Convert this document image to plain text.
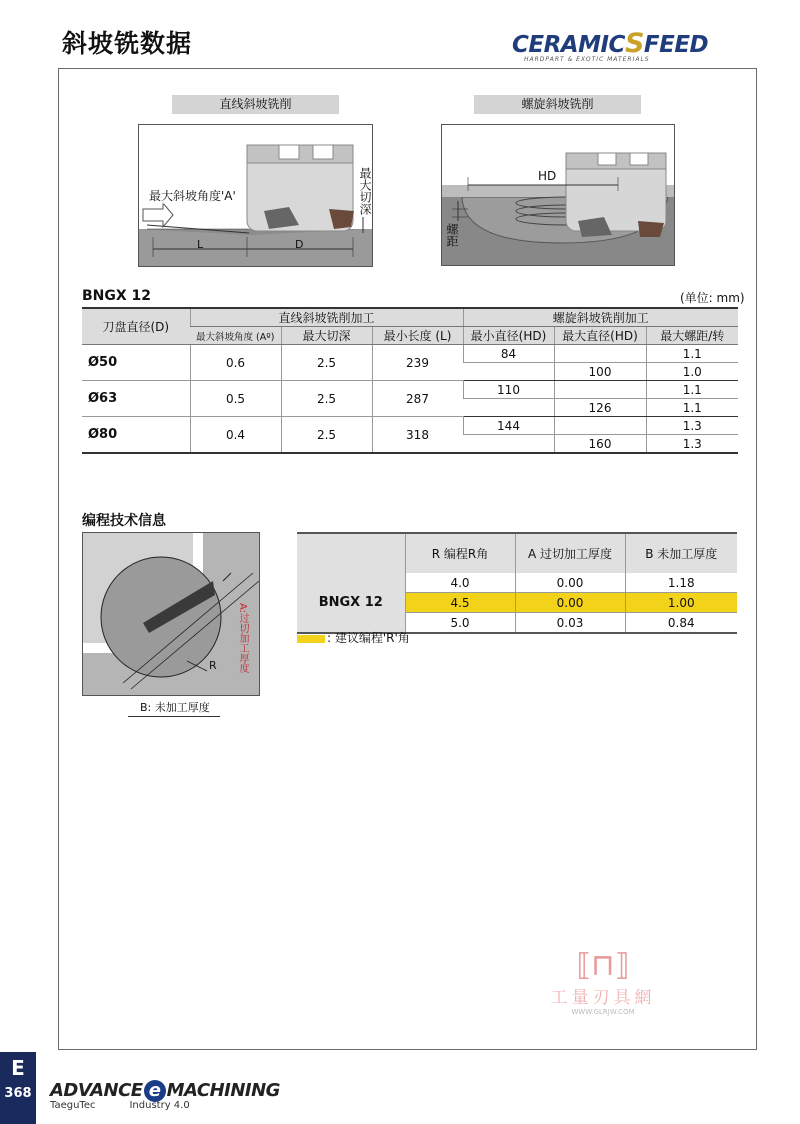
斜坡铣数据	CERAMICSFEED
HARDPART & EXOTIC MATERIALS
直线斜坡铣削
最大斜坡角度'A'	最大切深
L	D
螺旋斜坡铣削
HD
螺距
BNGX 12	(单位: mm)
刀盘直径(D)	直线斜坡铣削加工			螺旋斜坡铣削加工		
	最大斜坡角度 (Aº)	最大切深	最小长度 (L)	最小直径(HD)	最大直径(HD)	最大螺距/转
Ø50	0.6	2.5	239	84		1.1
					100	1.0
Ø63	0.5	2.5	287	110		1.1
					126	1.1
Ø80	0.4	2.5	318	144		1.3
					160	1.3
编程技术信息
R A:过切加工厚度
B: 未加工厚度
	R 编程R角	A 过切加工厚度	B 未加工厚度
BNGX 12	4.0	0.00	1.18
	4.5	0.00	1.00
	5.0	0.03	0.84
: 建议编程'R'角
⟦⊓⟧
工量刃具網
WWW.GLRJW.COM
E
368 ADVANCE e MACHINING
TaeguTec	Industry 4.0
